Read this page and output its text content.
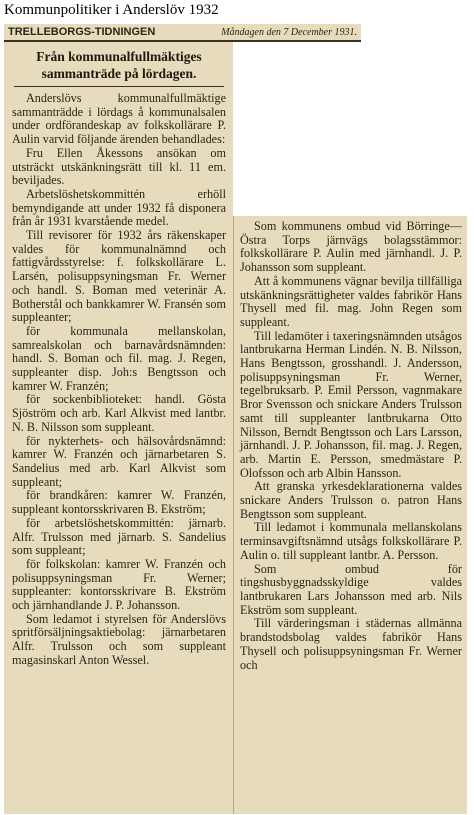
Kommunpolitiker i Anderslöv 1932
TRELLEBORGS-TIDNINGEN	Måndagen den 7 December 1931.
Från kommunalfullmäktiges sammanträde på lördagen.

Anderslövs kommunalfullmäktige sammanträdde i lördags å kommunalsalen under ordförandeskap av folkskollärare P. Aulin varvid följande ärenden behandlades:

Fru Ellen Åkessons ansökan om utsträckt utskänkningsrätt till kl. 11 em. beviljades.

Arbetslöshetskommittén erhöll bemyndigande att under 1932 få disponera från år 1931 kvarstående medel.

Till revisorer för 1932 års räkenskaper valdes för kommunalnämnd och fattigvårdsstyrelse: f. folkskollärare L. Larsén, polisuppsyningsman Fr. Werner och handl. S. Boman med veterinär A. Botherstål och bankkamrer W. Fransén som suppleanter;

för kommunala mellanskolan, samrealskolan och barnavårdsnämnden: handl. S. Boman och fil. mag. J. Regen, suppleanter disp. Joh:s Bengtsson och kamrer W. Franzén;

för sockenbiblioteket: handl. Gösta Sjöström och arb. Karl Alkvist med lantbr. N. B. Nilsson som suppleant.

för nykterhets- och hälsovårdsnämnd: kamrer W. Franzén och järnarbetaren S. Sandelius med arb. Karl Alkvist som suppleant;

för brandkåren: kamrer W. Franzén, suppleant kontorsskrivaren B. Ekström;

för arbetslöshetskommittén: järnarb. Alfr. Trulsson med järnarb. S. Sandelius som suppleant;

för folkskolan: kamrer W. Franzén och polisuppsyningsman Fr. Werner; suppleanter: kontorsskrivare B. Ekström och järnhandlande J. P. Johansson.

Som ledamot i styrelsen för Anderslövs spritförsäljningsaktiebolag: järnarbetaren Alfr. Trulsson och som suppleant magasinskarl Anton Wessel.

Som kommunens ombud vid Börringe—Östra Torps järnvägs bolagsstämmor: folkskollärare P. Aulin med järnhandl. J. P. Johansson som suppleant.

Att å kommunens vägnar bevilja tillfälliga utskänkningsrättigheter valdes fabrikör Hans Thysell med fil. mag. John Regen som suppleant.

Till ledamöter i taxeringsnämnden utsågos lantbrukarna Herman Lindén. N. B. Nilsson, Hans Bengtsson, grosshandl. J. Andersson, polisuppsyningsman Fr. Werner, tegelbruksarb. P. Emil Persson, vagnmakare Bror Svensson och snickare Anders Trulsson samt till suppleanter lantbrukarna Otto Nilsson, Berndt Bengtsson och Lars Larsson, järnhandl. J. P. Johansson, fil. mag. J. Regen, arb. Martin E. Persson, smedmästare P. Olofsson och arb Albin Hansson.

Att granska yrkesdeklarationerna valdes snickare Anders Trulsson o. patron Hans Bengtsson som suppleant.

Till ledamot i kommunala mellanskolans terminsavgiftsnämnd utsågs folkskollärare P. Aulin o. till suppleant lantbr. A. Persson.

Som ombud för tingshusbyggnadsskyldige valdes lantbrukaren Lars Johansson med arb. Nils Ekström som suppleant.

Till värderingsman i städernas allmänna brandstodsbolag valdes fabrikör Hans Thysell och polisuppsyningsman Fr. Werner och
